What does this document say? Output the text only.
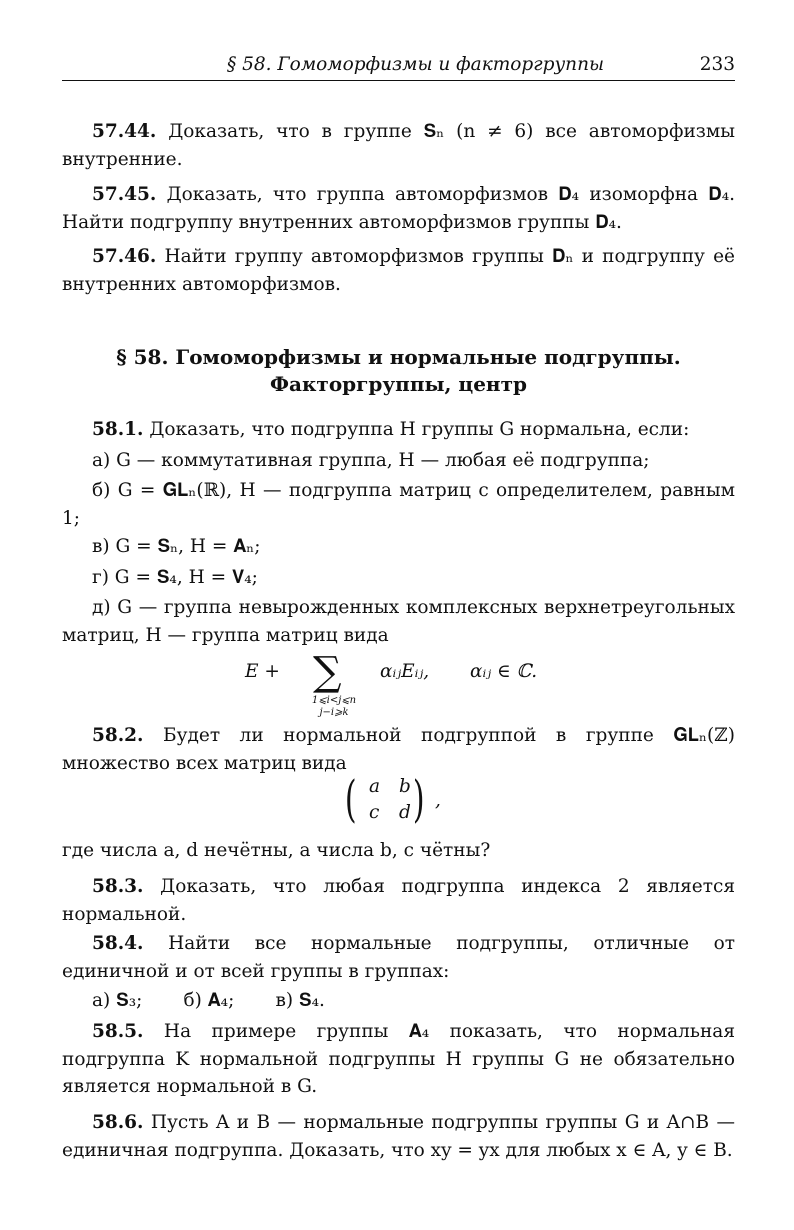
§ 58. Гомоморфизмы и факторгруппы	233
57.44. Доказать, что в группе 𝐒ₙ (n ≠ 6) все автоморфизмы внутренние.
57.45. Доказать, что группа автоморфизмов 𝐃₄ изоморфна 𝐃₄. Найти подгруппу внутренних автоморфизмов группы 𝐃₄.
57.46. Найти группу автоморфизмов группы 𝐃ₙ и подгруппу её внутренних автоморфизмов.
§ 58. Гомоморфизмы и нормальные подгруппы.
Факторгруппы, центр
58.1. Доказать, что подгруппа H группы G нормальна, если:
а) G — коммутативная группа, H — любая её подгруппа;
б) G = 𝐆𝐋ₙ(ℝ), H — подгруппа матриц с определителем, равным 1;
в) G = 𝐒ₙ, H = 𝐀ₙ;
г) G = 𝐒₄, H = 𝐕₄;
д) G — группа невырожденных комплексных верхнетреугольных матриц, H — группа матриц вида
E + ∑
1⩽i<j⩽n
j−i⩾k
αᵢⱼEᵢⱼ, αᵢⱼ ∈ ℂ.
58.2. Будет ли нормальной подгруппой в группе 𝐆𝐋ₙ(ℤ) множество всех матриц вида
( a b
c d ) ,
где числа a, d нечётны, а числа b, c чётны?
58.3. Доказать, что любая подгруппа индекса 2 является нормальной.
58.4. Найти все нормальные подгруппы, отличные от единичной и от всей группы в группах:
а) 𝐒₃;       б) 𝐀₄;       в) 𝐒₄.
58.5. На примере группы 𝐀₄ показать, что нормальная подгруппа K нормальной подгруппы H группы G не обязательно является нормальной в G.
58.6. Пусть A и B — нормальные подгруппы группы G и A∩B — единичная подгруппа. Доказать, что xy = yx для любых x ∈ A, y ∈ B.
